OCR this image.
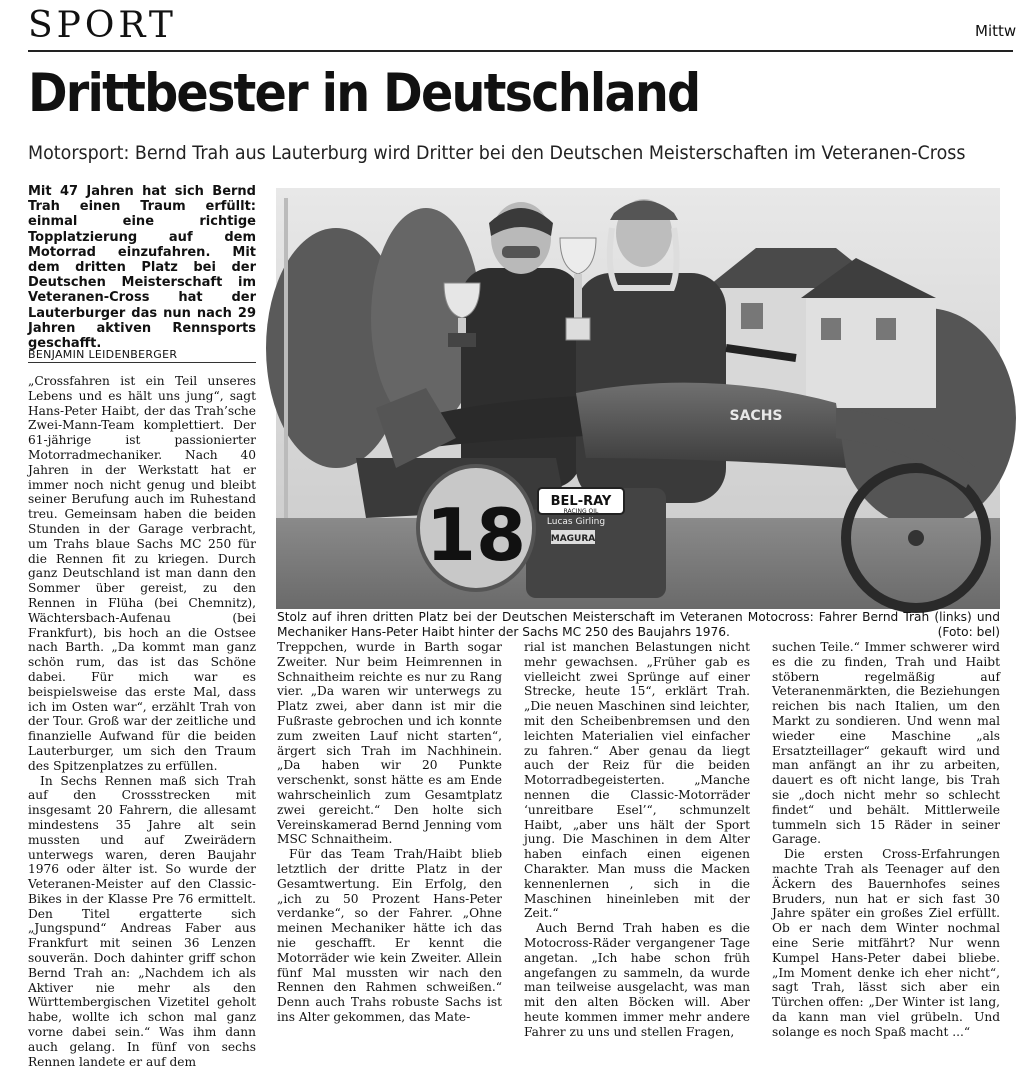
SPORT	Mittw
Drittbester in Deutschland
Motorsport: Bernd Trah aus Lauterburg wird Dritter bei den Deutschen Meisterschaften im Veteranen-Cross
Mit 47 Jahren hat sich Bernd Trah einen Traum erfüllt: einmal eine richtige Topplatzierung auf dem Motorrad einzufahren. Mit dem dritten Platz bei der Deutschen Meisterschaft im Veteranen-Cross hat der Lauterburger das nun nach 29 Jahren aktiven Rennsports geschafft.
BENJAMIN LEIDENBERGER
18 BEL-RAY
RACING OIL
Lucas Girling
MAGURA
SACHS
Stolz auf ihren dritten Platz bei der Deutschen Meisterschaft im Veteranen Motocross: Fahrer Bernd Trah (links) und Mechaniker Hans-Peter Haibt hinter der Sachs MC 250 des Baujahrs 1976.	(Foto: bel)

„Crossfahren ist ein Teil unseres Lebens und es hält uns jung“, sagt Hans-Peter Haibt, der das Trah’sche Zwei-Mann-Team komplettiert. Der 61-jährige ist passionierter Motorradmechaniker. Nach 40 Jahren in der Werkstatt hat er immer noch nicht genug und bleibt seiner Berufung auch im Ruhestand treu. Gemeinsam haben die beiden Stunden in der Garage verbracht, um Trahs blaue Sachs MC 250 für die Rennen fit zu kriegen. Durch ganz Deutschland ist man dann den Sommer über gereist, zu den Rennen in Flüha (bei Chemnitz), Wächtersbach-Aufenau (bei Frankfurt), bis hoch an die Ostsee nach Barth. „Da kommt man ganz schön rum, das ist das Schöne dabei. Für mich war es beispielsweise das erste Mal, dass ich im Osten war“, erzählt Trah von der Tour. Groß war der zeitliche und finanzielle Aufwand für die beiden Lauterburger, um sich den Traum des Spitzenplatzes zu erfüllen.

In Sechs Rennen maß sich Trah auf den Crossstrecken mit insgesamt 20 Fahrern, die allesamt mindestens 35 Jahre alt sein mussten und auf Zweirädern unterwegs waren, deren Baujahr 1976 oder älter ist. So wurde der Veteranen-Meister auf den Classic-Bikes in der Klasse Pre 76 ermittelt. Den Titel ergatterte sich „Jungspund“ Andreas Faber aus Frankfurt mit seinen 36 Lenzen souverän. Doch dahinter griff schon Bernd Trah an: „Nachdem ich als Aktiver nie mehr als den Württembergischen Vizetitel geholt habe, wollte ich schon mal ganz vorne dabei sein.“ Was ihm dann auch gelang. In fünf von sechs Rennen landete er auf dem

Treppchen, wurde in Barth sogar Zweiter. Nur beim Heimrennen in Schnaitheim reichte es nur zu Rang vier. „Da waren wir unterwegs zu Platz zwei, aber dann ist mir die Fußraste gebrochen und ich konnte zum zweiten Lauf nicht starten“, ärgert sich Trah im Nachhinein. „Da haben wir 20 Punkte verschenkt, sonst hätte es am Ende wahrscheinlich zum Gesamtplatz zwei gereicht.“ Den holte sich Vereinskamerad Bernd Jenning vom MSC Schnaitheim.

Für das Team Trah/Haibt blieb letztlich der dritte Platz in der Gesamtwertung. Ein Erfolg, den „ich zu 50 Prozent Hans-Peter verdanke“, so der Fahrer. „Ohne meinen Mechaniker hätte ich das nie geschafft. Er kennt die Motorräder wie kein Zweiter. Allein fünf Mal mussten wir nach den Rennen den Rahmen schweißen.“ Denn auch Trahs robuste Sachs ist ins Alter gekommen, das Mate-

rial ist manchen Belastungen nicht mehr gewachsen. „Früher gab es vielleicht zwei Sprünge auf einer Strecke, heute 15“, erklärt Trah. „Die neuen Maschinen sind leichter, mit den Scheibenbremsen und den leichten Materialien viel einfacher zu fahren.“ Aber genau da liegt auch der Reiz für die beiden Motorradbegeisterten. „Manche nennen die Classic-Motorräder ‘unreitbare Esel’“, schmunzelt Haibt, „aber uns hält der Sport jung. Die Maschinen in dem Alter haben einfach einen eigenen Charakter. Man muss die Macken kennenlernen , sich in die Maschinen hineinleben mit der Zeit.“

Auch Bernd Trah haben es die Motocross-Räder vergangener Tage angetan. „Ich habe schon früh angefangen zu sammeln, da wurde man teilweise ausgelacht, was man mit den alten Böcken will. Aber heute kommen immer mehr andere Fahrer zu uns und stellen Fragen,

suchen Teile.“ Immer schwerer wird es die zu finden, Trah und Haibt stöbern regelmäßig auf Veteranenmärkten, die Beziehungen reichen bis nach Italien, um den Markt zu sondieren. Und wenn mal wieder eine Maschine „als Ersatzteillager“ gekauft wird und man anfängt an ihr zu arbeiten, dauert es oft nicht lange, bis Trah sie „doch nicht mehr so schlecht findet“ und behält. Mittlerweile tummeln sich 15 Räder in seiner Garage.

Die ersten Cross-Erfahrungen machte Trah als Teenager auf den Äckern des Bauernhofes seines Bruders, nun hat er sich fast 30 Jahre später ein großes Ziel erfüllt. Ob er nach dem Winter nochmal eine Serie mitfährt? Nur wenn Kumpel Hans-Peter dabei bliebe. „Im Moment denke ich eher nicht“, sagt Trah, lässt sich aber ein Türchen offen: „Der Winter ist lang, da kann man viel grübeln. Und solange es noch Spaß macht ...“
